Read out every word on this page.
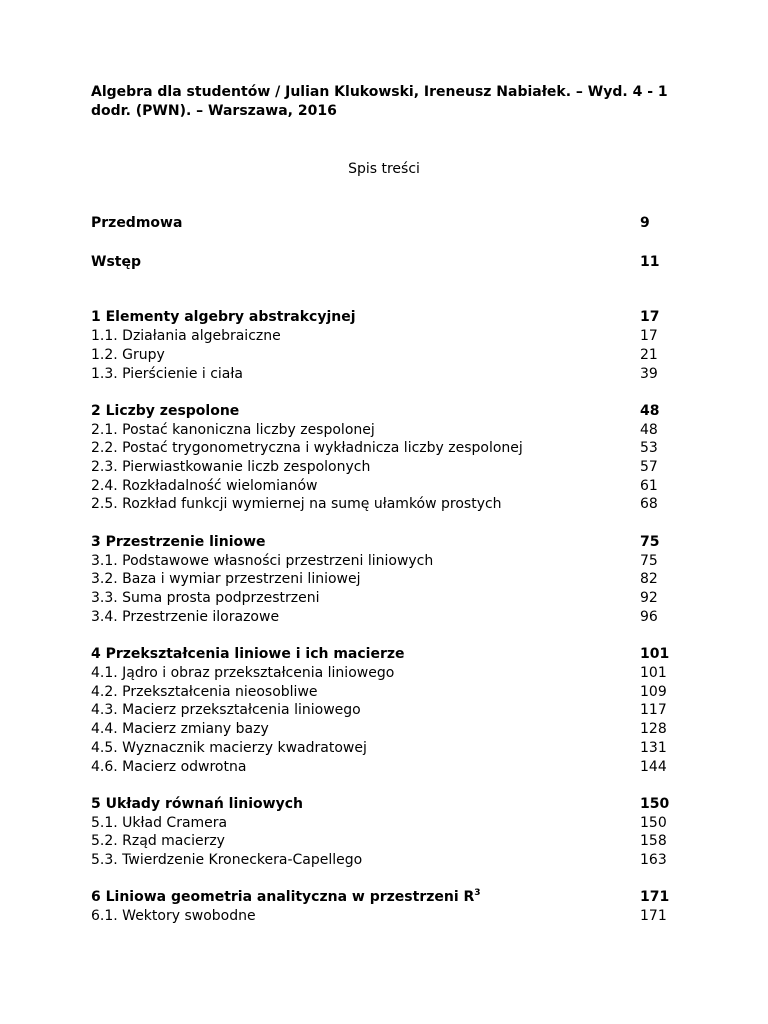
Algebra dla studentów / Julian Klukowski, Ireneusz Nabiałek. – Wyd. 4 - 1 dodr. (PWN). – Warszawa, 2016
Spis treści
Przedmowa	9
Wstęp	11
1 Elementy algebry abstrakcyjnej	17
1.1. Działania algebraiczne	17
1.2. Grupy	21
1.3. Pierścienie i ciała	39
2 Liczby zespolone	48
2.1. Postać kanoniczna liczby zespolonej	48
2.2. Postać trygonometryczna i wykładnicza liczby zespolonej	53
2.3. Pierwiastkowanie liczb zespolonych	57
2.4. Rozkładalność wielomianów	61
2.5. Rozkład funkcji wymiernej na sumę ułamków prostych	68
3 Przestrzenie liniowe	75
3.1. Podstawowe własności przestrzeni liniowych	75
3.2. Baza i wymiar przestrzeni liniowej	82
3.3. Suma prosta podprzestrzeni	92
3.4. Przestrzenie ilorazowe	96
4 Przekształcenia liniowe i ich macierze	101
4.1. Jądro i obraz przekształcenia liniowego	101
4.2. Przekształcenia nieosobliwe	109
4.3. Macierz przekształcenia liniowego	117
4.4. Macierz zmiany bazy	128
4.5. Wyznacznik macierzy kwadratowej	131
4.6. Macierz odwrotna	144
5 Układy równań liniowych	150
5.1. Układ Cramera	150
5.2. Rząd macierzy	158
5.3. Twierdzenie Kroneckera-Capellego	163
6 Liniowa geometria analityczna w przestrzeni $R^3$	171
6.1. Wektory swobodne	171
